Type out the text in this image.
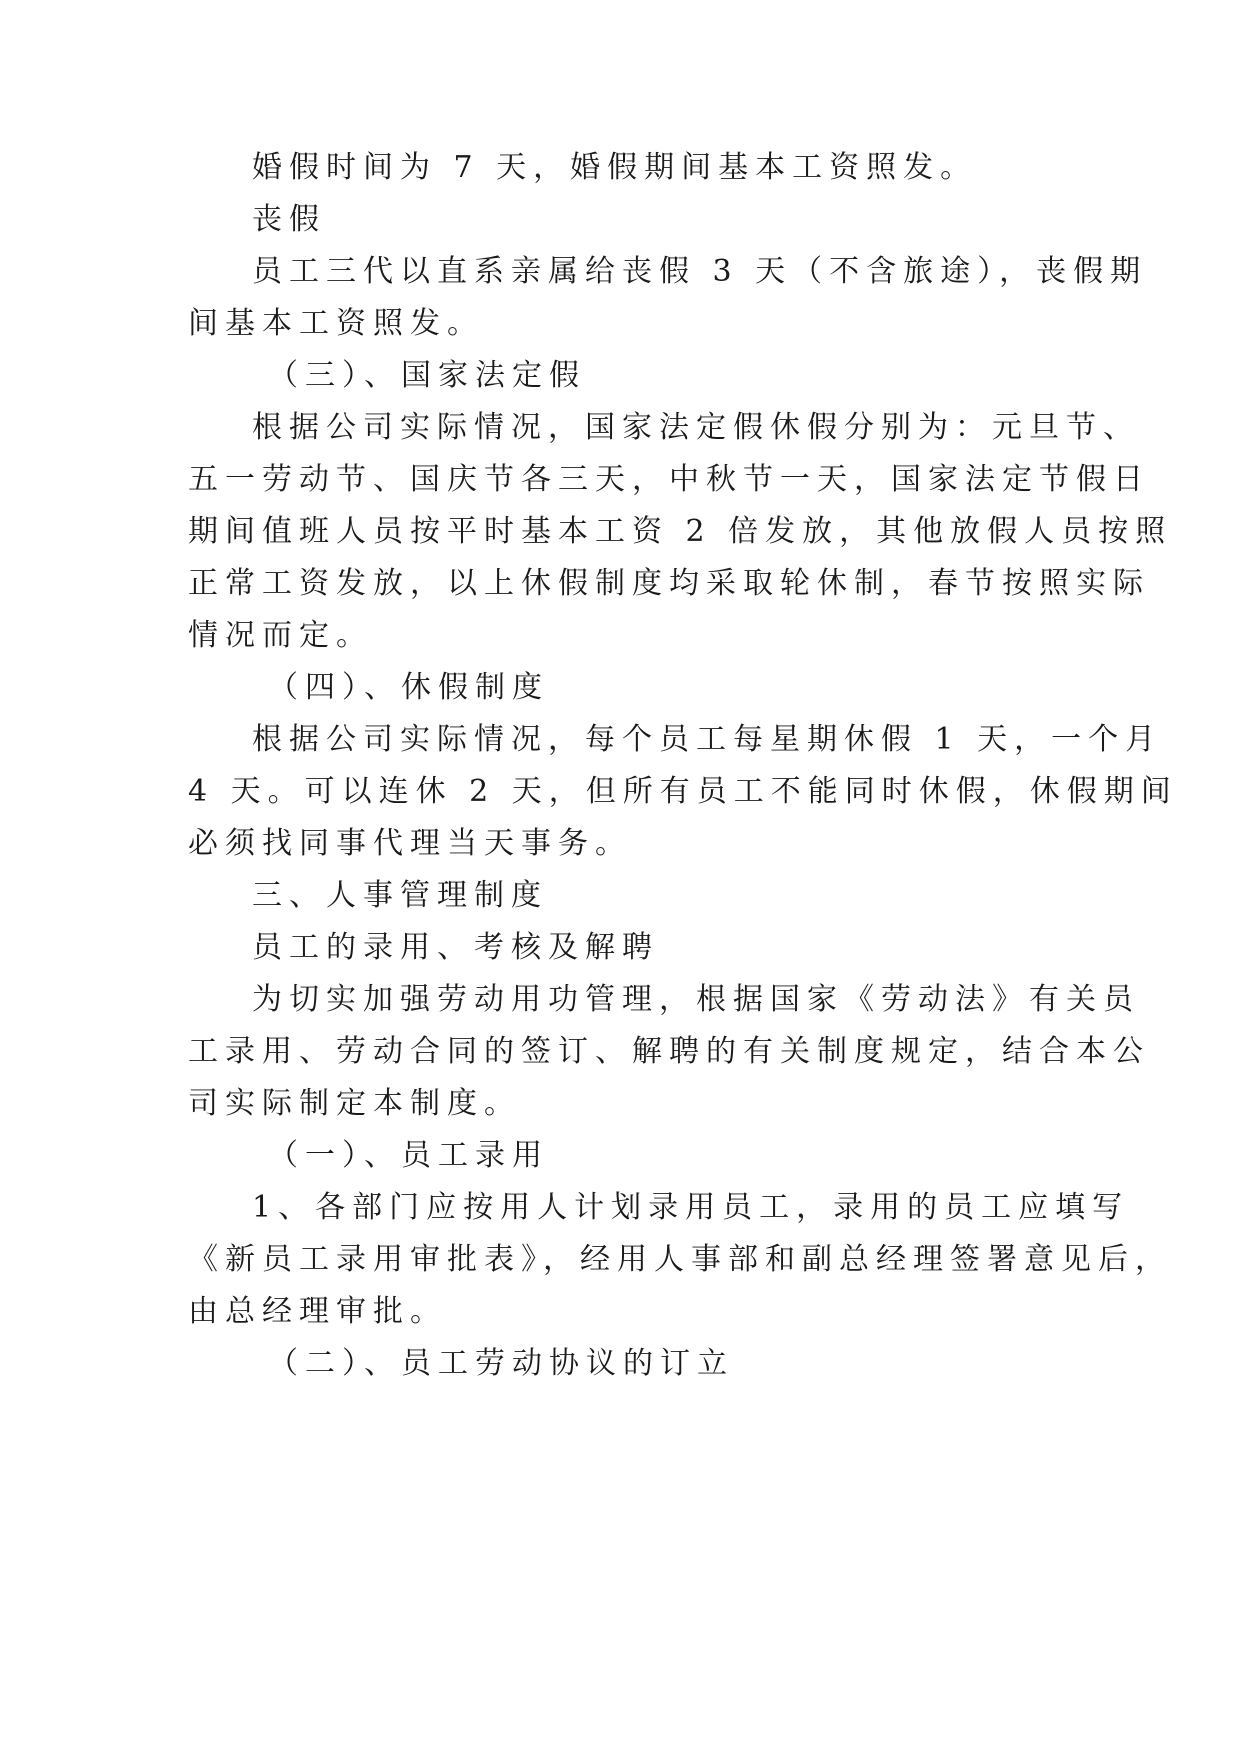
婚假时间为 7 天，婚假期间基本工资照发。
丧假
员工三代以直系亲属给丧假 3 天（不含旅途），丧假期
间基本工资照发。
（三）、国家法定假
根据公司实际情况，国家法定假休假分别为：元旦节、
五一劳动节、国庆节各三天，中秋节一天，国家法定节假日
期间值班人员按平时基本工资 2 倍发放，其他放假人员按照
正常工资发放，以上休假制度均采取轮休制，春节按照实际
情况而定。
（四）、休假制度
根据公司实际情况，每个员工每星期休假 1 天，一个月
4 天。可以连休 2 天，但所有员工不能同时休假，休假期间
必须找同事代理当天事务。
三、人事管理制度
员工的录用、考核及解聘
为切实加强劳动用功管理，根据国家《劳动法》有关员
工录用、劳动合同的签订、解聘的有关制度规定，结合本公
司实际制定本制度。
（一）、员工录用
1、各部门应按用人计划录用员工，录用的员工应填写
《新员工录用审批表》，经用人事部和副总经理签署意见后，
由总经理审批。
（二）、员工劳动协议的订立
